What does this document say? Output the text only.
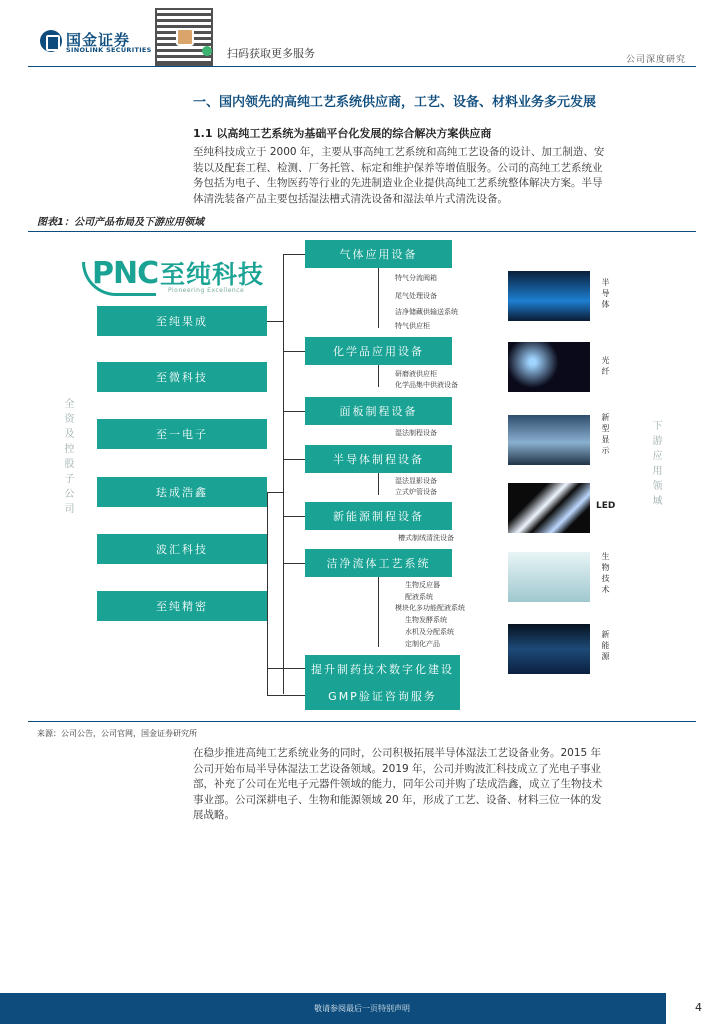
国金证券
SINOLINK SECURITIES	扫码获取更多服务	公司深度研究
一、国内领先的高纯工艺系统供应商，工艺、设备、材料业务多元发展
1.1 以高纯工艺系统为基础平台化发展的综合解决方案供应商
至纯科技成立于 2000 年，主要从事高纯工艺系统和高纯工艺设备的设计、加工制造、安
装以及配套工程、检测、厂务托管、标定和维护保养等增值服务。公司的高纯工艺系统业
务包括为电子、生物医药等行业的先进制造业企业提供高纯工艺系统整体解决方案。半导
体清洗装备产品主要包括湿法槽式清洗设备和湿法单片式清洗设备。
图表1：公司产品布局及下游应用领域
PNC 至纯科技
Pioneering Excellence
全资及控股子公司	下游应用领域
至纯果成
至微科技
至一电子
珐成浩鑫
波汇科技
至纯精密
气体应用设备
化学品应用设备
面板制程设备
半导体制程设备
新能源制程设备
洁净流体工艺系统
提升制药技术数字化建设
GMP验证咨询服务
特气分流阀箱
尾气处理设备
洁净储藏供输送系统
特气供应柜
研磨液供应柜
化学品集中供液设备
湿法制程设备
湿法显影设备
立式炉管设备
槽式制绒清洗设备
生物反应器
配液系统
模块化多功能配液系统
生物发酵系统
水机及分配系统
定制化产品
半导体
光纤
新型显示
LED
生物技术
新能源
来源：公司公告，公司官网，国金证券研究所
在稳步推进高纯工艺系统业务的同时，公司积极拓展半导体湿法工艺设备业务。2015 年
公司开始布局半导体湿法工艺设备领域。2019 年，公司并购波汇科技成立了光电子事业
部，补充了公司在光电子元器件领域的能力，同年公司并购了珐成浩鑫，成立了生物技术
事业部。公司深耕电子、生物和能源领域 20 年，形成了工艺、设备、材料三位一体的发
展战略。
敬请参阅最后一页特别声明	4
